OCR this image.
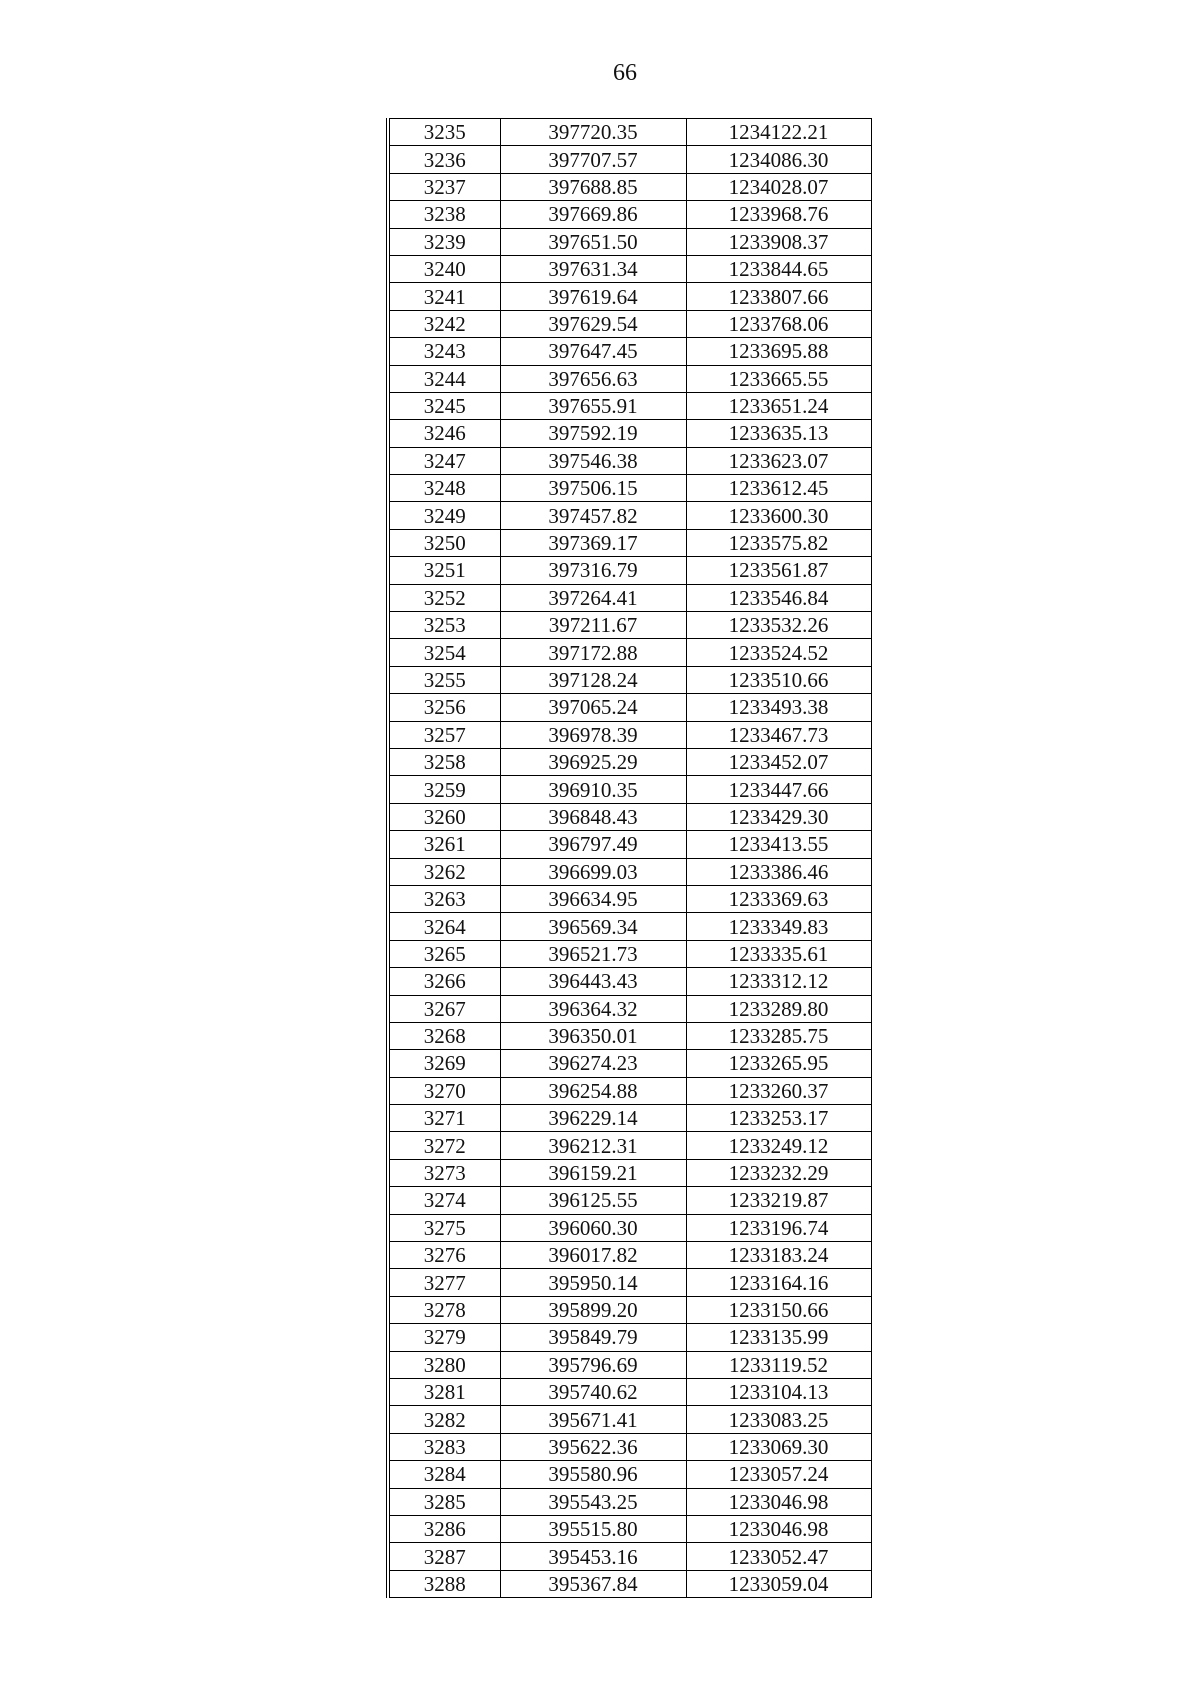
66
3235	397720.35	1234122.21
3236	397707.57	1234086.30
3237	397688.85	1234028.07
3238	397669.86	1233968.76
3239	397651.50	1233908.37
3240	397631.34	1233844.65
3241	397619.64	1233807.66
3242	397629.54	1233768.06
3243	397647.45	1233695.88
3244	397656.63	1233665.55
3245	397655.91	1233651.24
3246	397592.19	1233635.13
3247	397546.38	1233623.07
3248	397506.15	1233612.45
3249	397457.82	1233600.30
3250	397369.17	1233575.82
3251	397316.79	1233561.87
3252	397264.41	1233546.84
3253	397211.67	1233532.26
3254	397172.88	1233524.52
3255	397128.24	1233510.66
3256	397065.24	1233493.38
3257	396978.39	1233467.73
3258	396925.29	1233452.07
3259	396910.35	1233447.66
3260	396848.43	1233429.30
3261	396797.49	1233413.55
3262	396699.03	1233386.46
3263	396634.95	1233369.63
3264	396569.34	1233349.83
3265	396521.73	1233335.61
3266	396443.43	1233312.12
3267	396364.32	1233289.80
3268	396350.01	1233285.75
3269	396274.23	1233265.95
3270	396254.88	1233260.37
3271	396229.14	1233253.17
3272	396212.31	1233249.12
3273	396159.21	1233232.29
3274	396125.55	1233219.87
3275	396060.30	1233196.74
3276	396017.82	1233183.24
3277	395950.14	1233164.16
3278	395899.20	1233150.66
3279	395849.79	1233135.99
3280	395796.69	1233119.52
3281	395740.62	1233104.13
3282	395671.41	1233083.25
3283	395622.36	1233069.30
3284	395580.96	1233057.24
3285	395543.25	1233046.98
3286	395515.80	1233046.98
3287	395453.16	1233052.47
3288	395367.84	1233059.04
